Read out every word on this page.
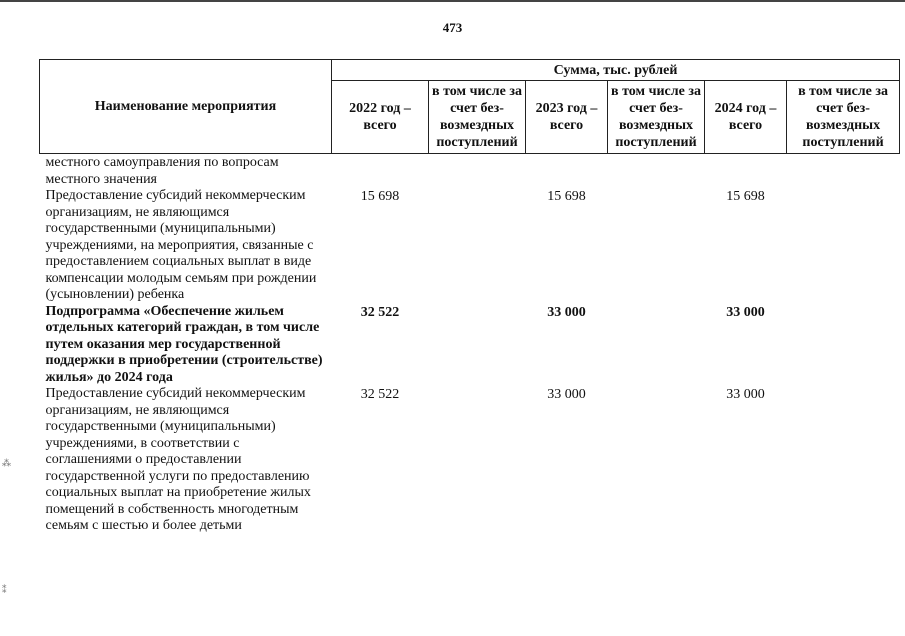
473
Наименование мероприятия	Сумма, тыс. рублей					
	2022 год – всего	в том числе за счет без-возмездных поступлений	2023 год – всего	в том числе за счет без-возмездных поступлений	2024 год – всего	в том числе за счет без-возмездных поступлений
местного самоуправления по вопросам местного значения						
Предоставление субсидий некоммерческим организациям, не являющимся государственными (муниципальными) учреждениями, на мероприятия, связанные с предоставлением социальных выплат в виде компенсации молодым семьям при рождении (усыновлении) ребенка	15 698		15 698		15 698	
Подпрограмма «Обеспечение жильем отдельных категорий граждан, в том числе путем оказания мер государственной поддержки в приобретении (строительстве) жилья» до 2024 года	32 522		33 000		33 000	
Предоставление субсидий некоммерческим организациям, не являющимся государственными (муниципальными) учреждениями, в соответствии с соглашениями о предоставлении государственной услуги по предоставлению социальных выплат на приобретение жилых помещений в собственность многодетным семьям с шестью и более детьми	32 522		33 000		33 000	
⁂
⁑
